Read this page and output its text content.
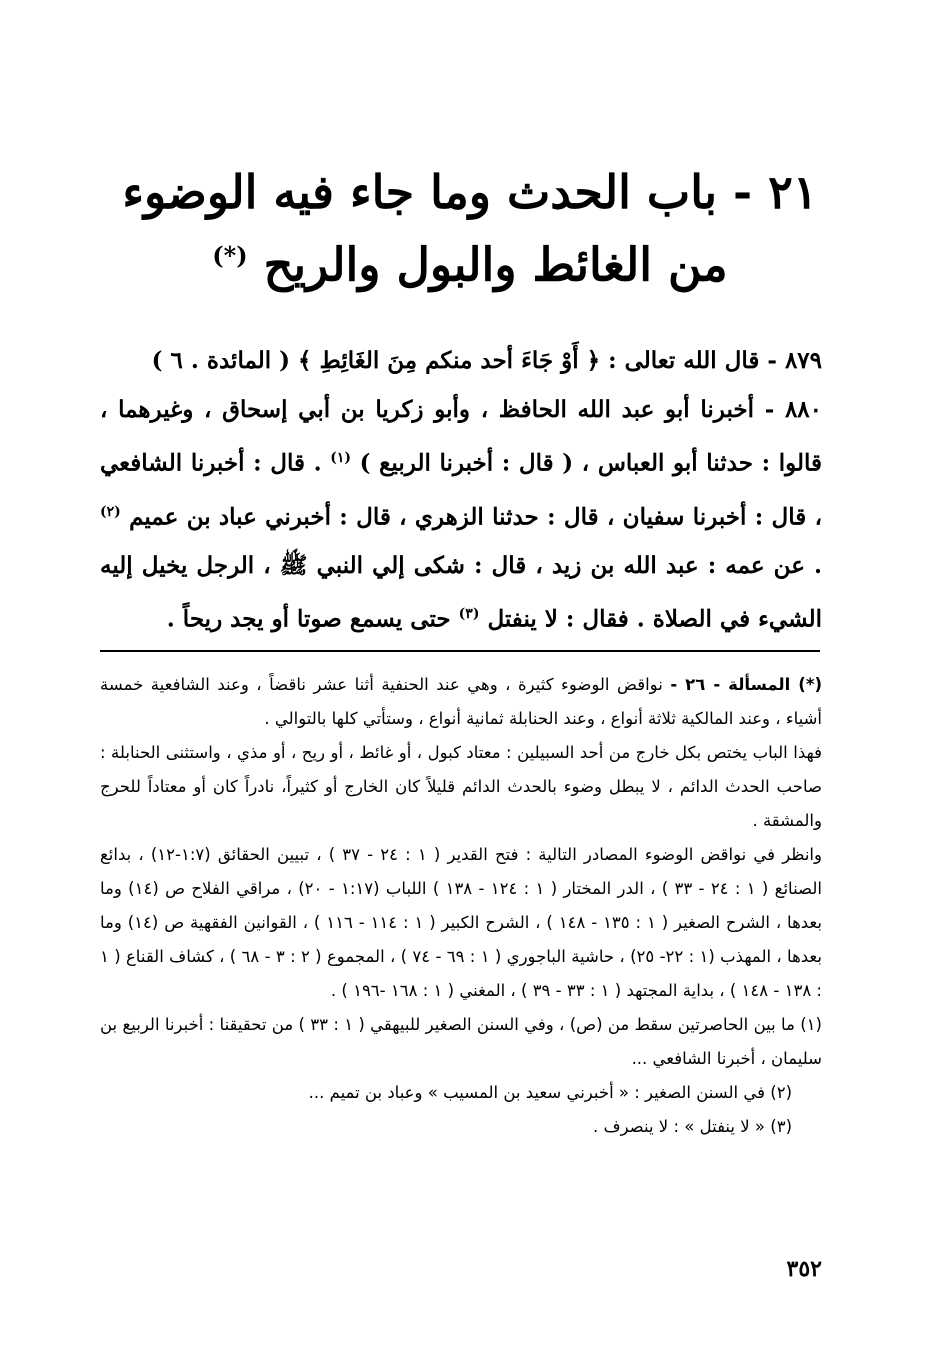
٢١ - باب الحدث وما جاء فيه الوضوء
من الغائط والبول والريح (*)
٨٧٩ - قال الله تعالى : ﴿ أَوْ جَاءَ أحد منكم مِنَ الغَائِطِ ﴾ ( المائدة . ٦ )
٨٨٠ - أخبرنا أبو عبد الله الحافظ ، وأبو زكريا بن أبي إسحاق ، وغيرهما ، قالوا : حدثنا أبو العباس ، ( قال : أخبرنا الربيع ) $^{(١)}$ . قال : أخبرنا الشافعي ، قال : أخبرنا سفيان ، قال : حدثنا الزهري ، قال : أخبرني عباد بن عميم $^{(٢)}$ . عن عمه : عبد الله بن زيد ، قال : شكى إلي النبي ﷺ ، الرجل يخيل إليه الشيء في الصلاة . فقال : لا ينفتل $^{(٣)}$ حتى يسمع صوتا أو يجد ريحاً .

(*) المسألة - ٢٦ - نواقض الوضوء كثيرة ، وهي عند الحنفية أثنا عشر ناقضاً ، وعند الشافعية خمسة أشياء ، وعند المالكية ثلاثة أنواع ، وعند الحنابلة ثمانية أنواع ، وستأتي كلها بالتوالي .

فهذا الباب يختص بكل خارج من أحد السبيلين : معتاد كبول ، أو غائط ، أو ريح ، أو مذي ، واستثنى الحنابلة : صاحب الحدث الدائم ، لا يبطل وضوء بالحدث الدائم قليلاً كان الخارج أو كثيراً، نادراً كان أو معتاداً للحرج والمشقة .

وانظر في نواقض الوضوء المصادر التالية : فتح القدير ( ١ : ٢٤ - ٣٧ ) ، تبيين الحقائق (١:٧-١٢) ، بدائع الصنائع ( ١ : ٢٤ - ٣٣ ) ، الدر المختار ( ١ : ١٢٤ - ١٣٨ ) اللباب (١:١٧ - ٢٠) ، مراقي الفلاح ص (١٤) وما بعدها ، الشرح الصغير ( ١ : ١٣٥ - ١٤٨ ) ، الشرح الكبير ( ١ : ١١٤ - ١١٦ ) ، القوانين الفقهية ص (١٤) وما بعدها ، المهذب (١ : ٢٢- ٢٥) ، حاشية الباجوري ( ١ : ٦٩ - ٧٤ ) ، المجموع ( ٢ : ٣ - ٦٨ ) ، كشاف القناع ( ١ : ١٣٨ - ١٤٨ ) ، بداية المجتهد ( ١ : ٣٣ - ٣٩ ) ، المغني ( ١ : ١٦٨ -١٩٦ ) .

(١) ما بين الحاصرتين سقط من (ص) ، وفي السنن الصغير للبيهقي ( ١ : ٣٣ ) من تحقيقنا : أخبرنا الربيع بن سليمان ، أخبرنا الشافعي ...

(٢) في السنن الصغير : « أخبرني سعيد بن المسيب » وعباد بن تميم ...

(٣) « لا ينفتل » : لا ينصرف .

٣٥٢
